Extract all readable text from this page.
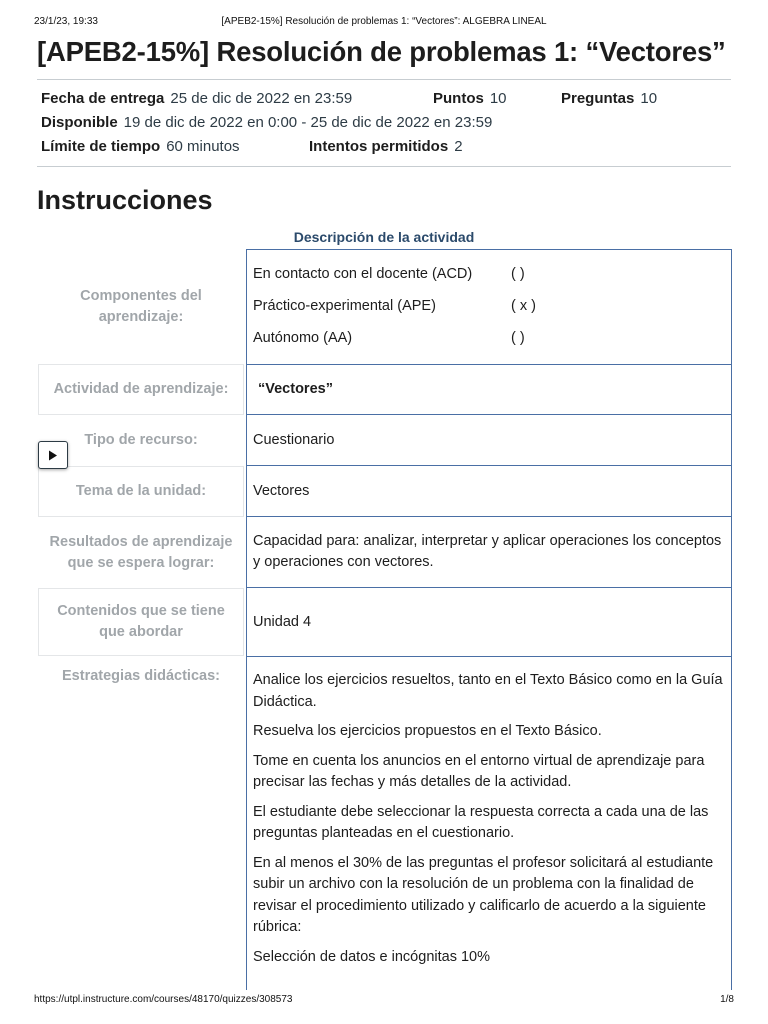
23/1/23, 19:33	[APEB2-15%] Resolución de problemas 1: “Vectores”: ALGEBRA LINEAL
[APEB2-15%] Resolución de problemas 1: “Vectores”
Fecha de entrega 25 de dic de 2022 en 23:59	Puntos 10	Preguntas 10
Disponible 19 de dic de 2022 en 0:00 - 25 de dic de 2022 en 23:59
Límite de tiempo 60 minutos	Intentos permitidos 2
Instrucciones
Descripción de la actividad
Componentes del aprendizaje:
En contacto con el docente (ACD)	( )
Práctico-experimental (APE)	( x )
Autónomo (AA)	( )
Actividad de aprendizaje:	“Vectores”
Tipo de recurso:	Cuestionario
Tema de la unidad:	Vectores
Resultados de aprendizaje que se espera lograr:
Capacidad para: analizar, interpretar y aplicar operaciones los conceptos y operaciones con vectores.
Contenidos que se tiene que abordar
Unidad 4
Estrategias didácticas:	Analice los ejercicios resueltos, tanto en el Texto Básico como en la Guía Didáctica.

Resuelva los ejercicios propuestos en el Texto Básico.

Tome en cuenta los anuncios en el entorno virtual de aprendizaje para precisar las fechas y más detalles de la actividad.

El estudiante debe seleccionar la respuesta correcta a cada una de las preguntas planteadas en el cuestionario.

En al menos el 30% de las preguntas el profesor solicitará al estudiante subir un archivo con la resolución de un problema con la finalidad de revisar el procedimiento utilizado y calificarlo de acuerdo a la siguiente rúbrica:

Selección de datos e incógnitas 10%

https://utpl.instructure.com/courses/48170/quizzes/308573	1/8
